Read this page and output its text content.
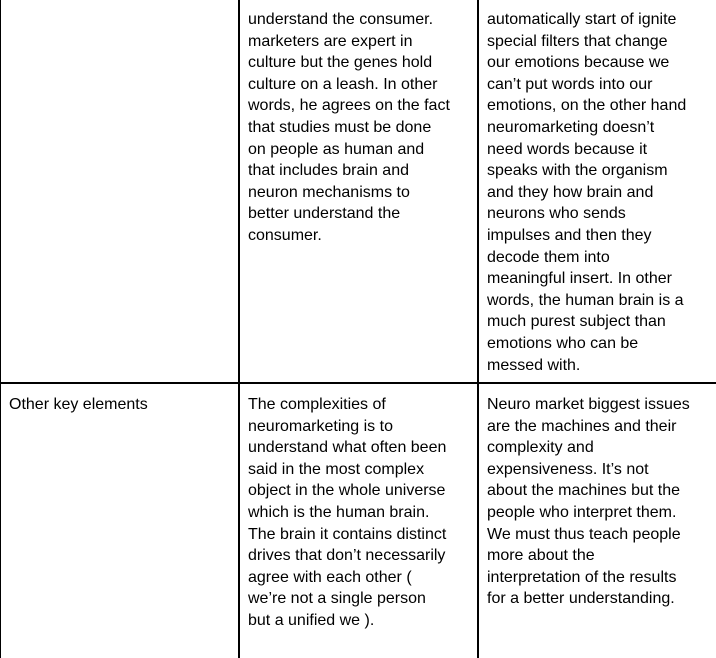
understand the consumer.
marketers are expert in
culture but the genes hold
culture on a leash. In other
words, he agrees on the fact
that studies must be done
on people as human and
that includes brain and
neuron mechanisms to
better understand the
consumer.

automatically start of ignite
special filters that change
our emotions because we
can’t put words into our
emotions, on the other hand
neuromarketing doesn’t
need words because it
speaks with the organism
and they how brain and
neurons who sends
impulses and then they
decode them into
meaningful insert. In other
words, the human brain is a
much purest subject than
emotions who can be
messed with.

Other key elements	The complexities of
neuromarketing is to
understand what often been
said in the most complex
object in the whole universe
which is the human brain.
The brain it contains distinct
drives that don’t necessarily
agree with each other (
we’re not a single person
but a unified we ).

Neuro market biggest issues
are the machines and their
complexity and
expensiveness. It’s not
about the machines but the
people who interpret them.
We must thus teach people
more about the
interpretation of the results
for a better understanding.
